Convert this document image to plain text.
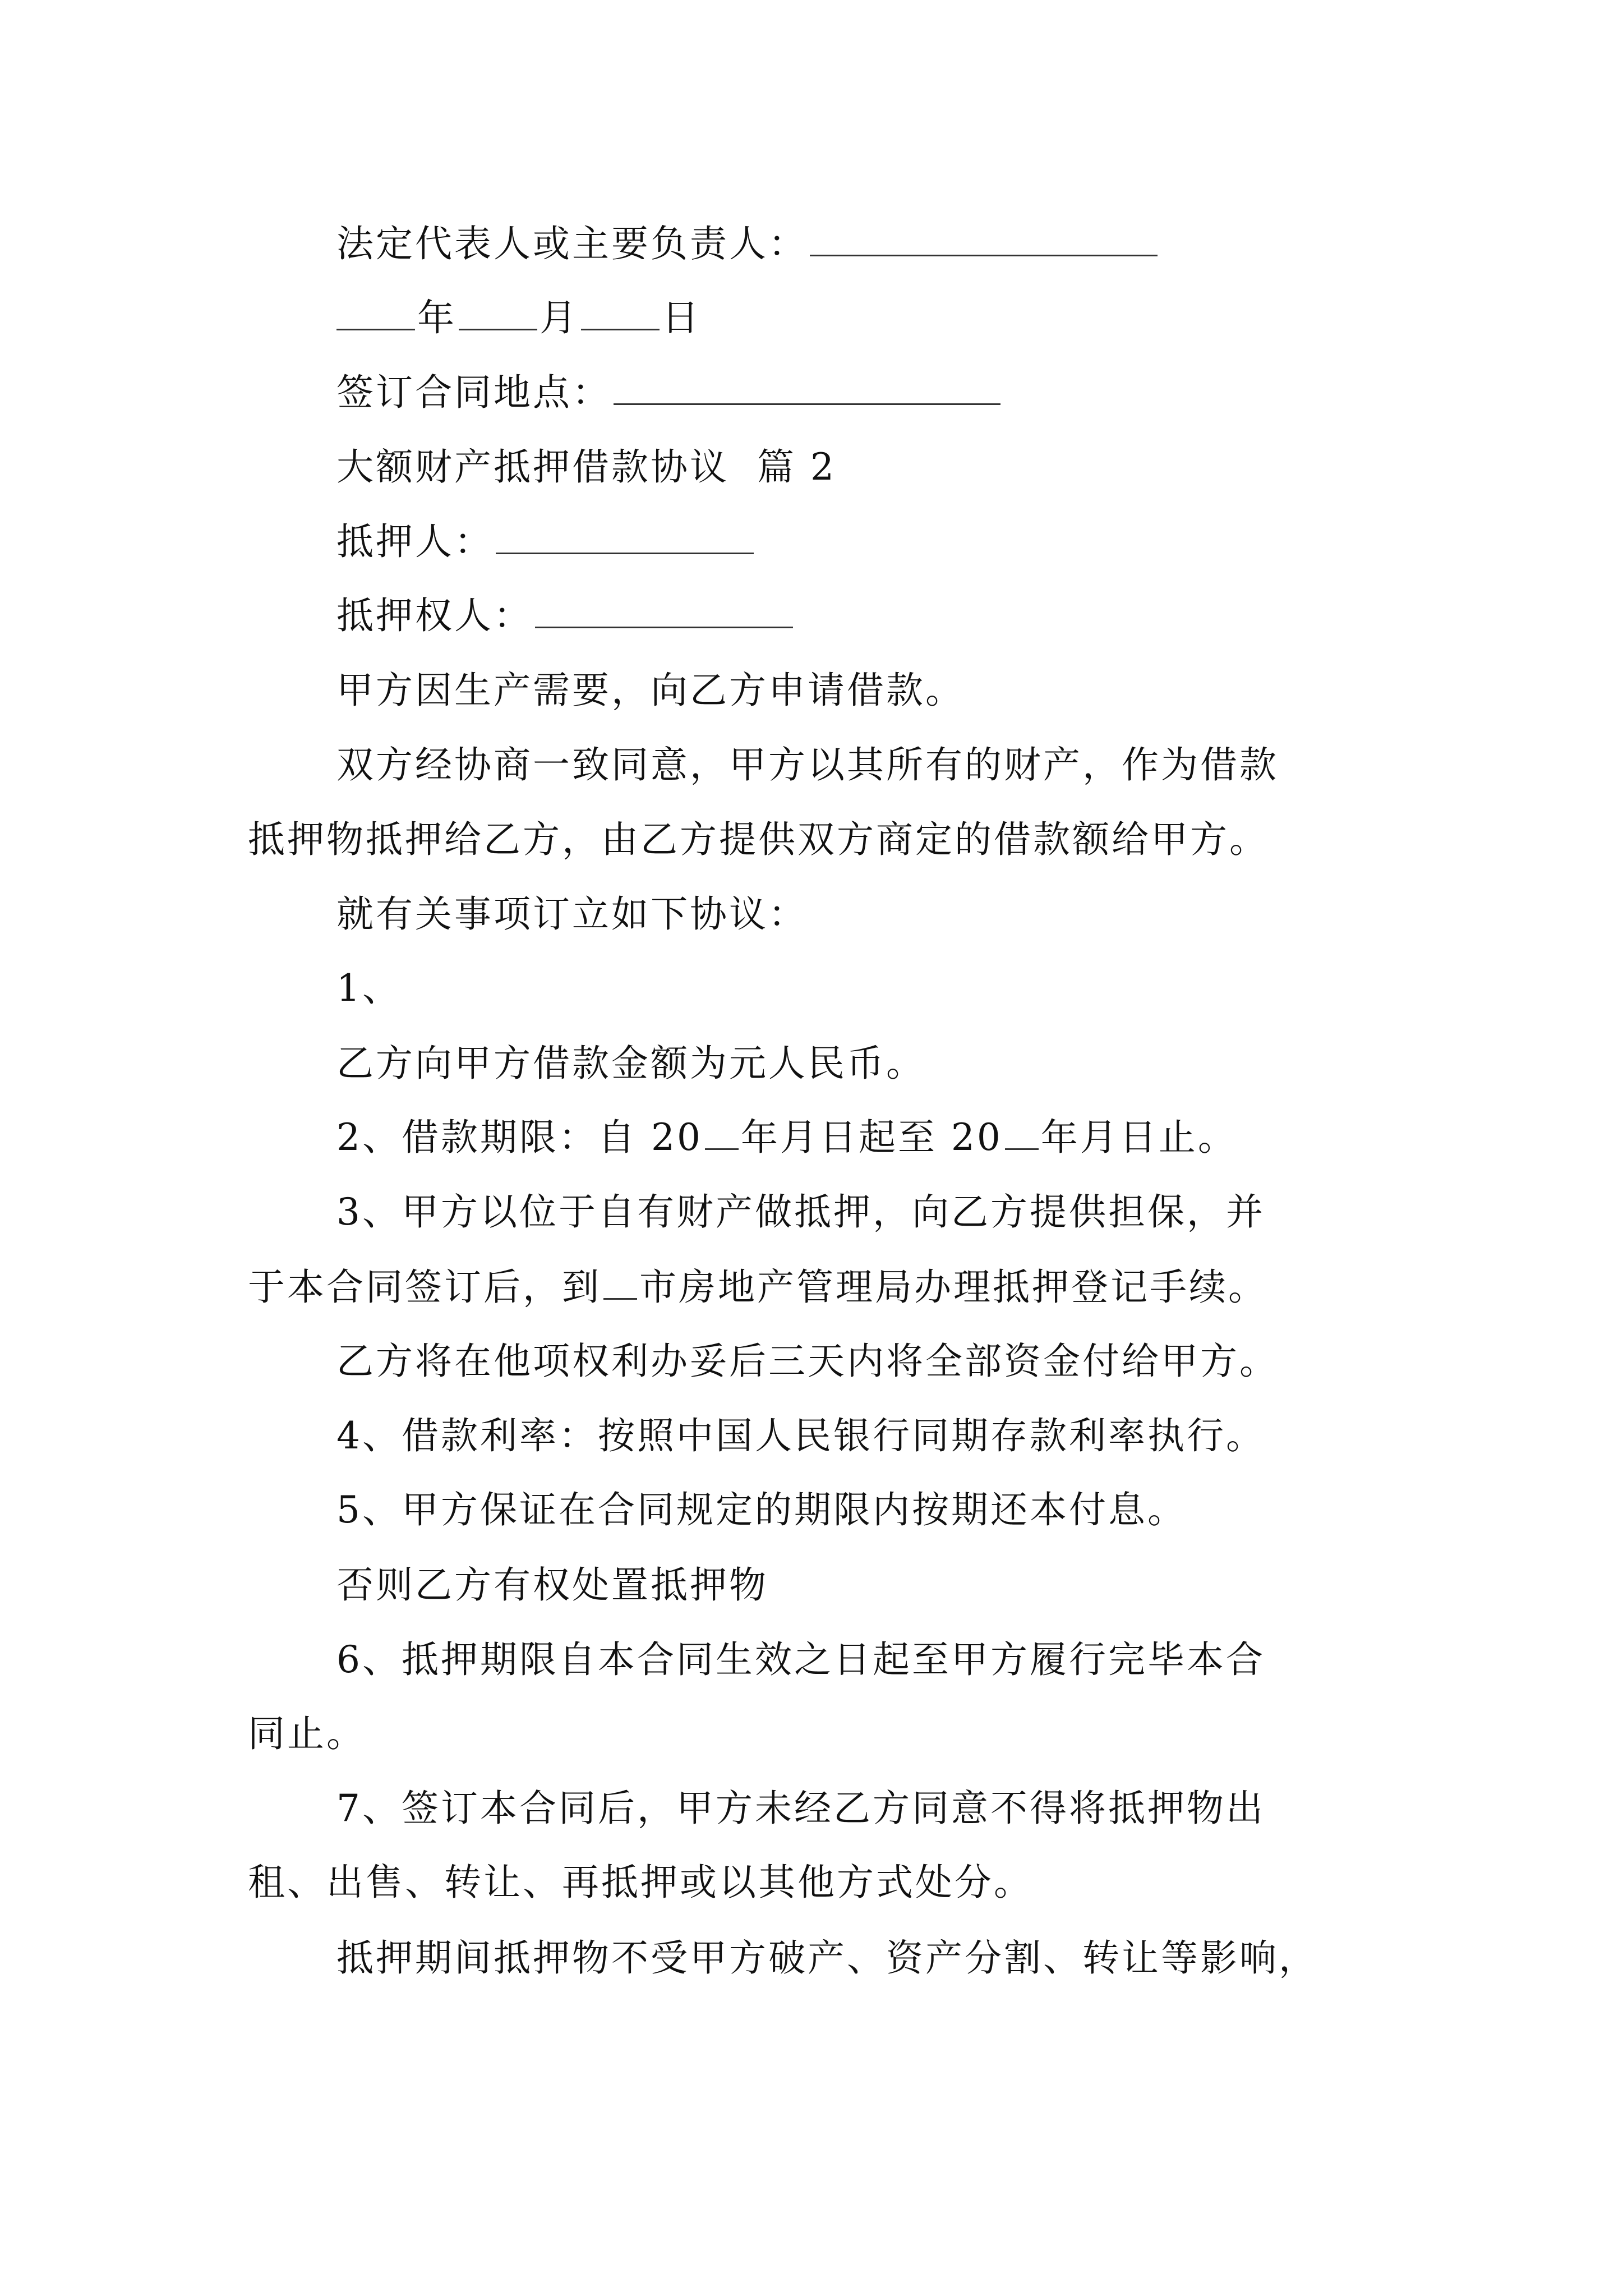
法定代表人或主要负责人：
年 月 日
签订合同地点：
大额财产抵押借款协议  篇 2
抵押人：
抵押权人：
甲方因生产需要，向乙方申请借款。
双方经协商一致同意，甲方以其所有的财产，作为借款
抵押物抵押给乙方，由乙方提供双方商定的借款额给甲方。
就有关事项订立如下协议：
1、
乙方向甲方借款金额为元人民币。
2、借款期限：自 20 年月日起至 20 年月日止。
3、甲方以位于自有财产做抵押，向乙方提供担保，并
于本合同签订后，到 市房地产管理局办理抵押登记手续。
乙方将在他项权利办妥后三天内将全部资金付给甲方。
4、借款利率：按照中国人民银行同期存款利率执行。
5、甲方保证在合同规定的期限内按期还本付息。
否则乙方有权处置抵押物
6、抵押期限自本合同生效之日起至甲方履行完毕本合
同止。
7、签订本合同后，甲方未经乙方同意不得将抵押物出
租、出售、转让、再抵押或以其他方式处分。
抵押期间抵押物不受甲方破产、资产分割、转让等影响，
